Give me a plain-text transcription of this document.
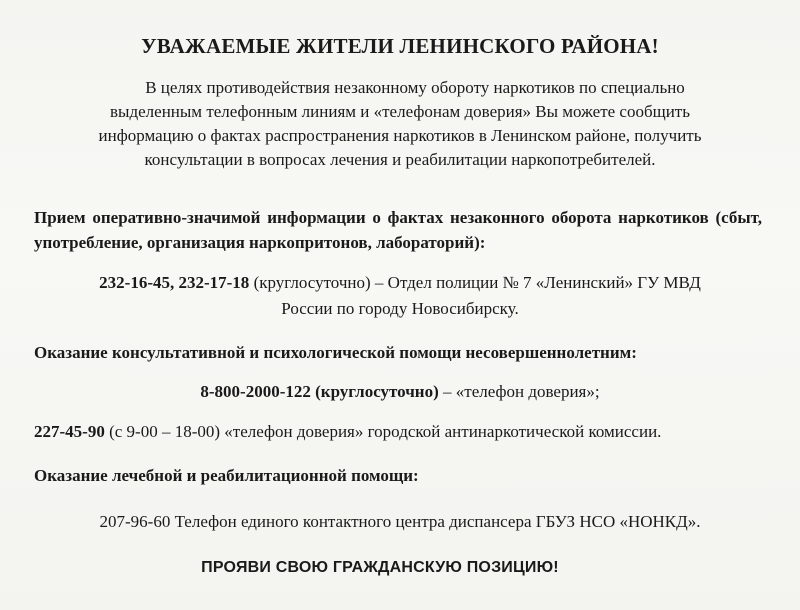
УВАЖАЕМЫЕ ЖИТЕЛИ ЛЕНИНСКОГО РАЙОНА!
В целях противодействия незаконному обороту наркотиков по специально
выделенным телефонным линиям и «телефонам доверия» Вы можете сообщить
информацию о фактах распространения наркотиков в Ленинском районе, получить
консультации в вопросах лечения и реабилитации наркопотребителей.
Прием оперативно-значимой информации о фактах незаконного оборота наркотиков (сбыт, употребление, организация наркопритонов, лабораторий):
232-16-45, 232-17-18 (круглосуточно) – Отдел полиции № 7 «Ленинский» ГУ МВД
России по городу Новосибирску.
Оказание консультативной и психологической помощи несовершеннолетним:
8-800-2000-122 (круглосуточно) – «телефон доверия»;
227-45-90 (с 9-00 – 18-00) «телефон доверия» городской антинаркотической комиссии.
Оказание лечебной и реабилитационной помощи:
207-96-60 Телефон единого контактного центра диспансера ГБУЗ НСО «НОНКД».
ПРОЯВИ СВОЮ ГРАЖДАНСКУЮ ПОЗИЦИЮ!
